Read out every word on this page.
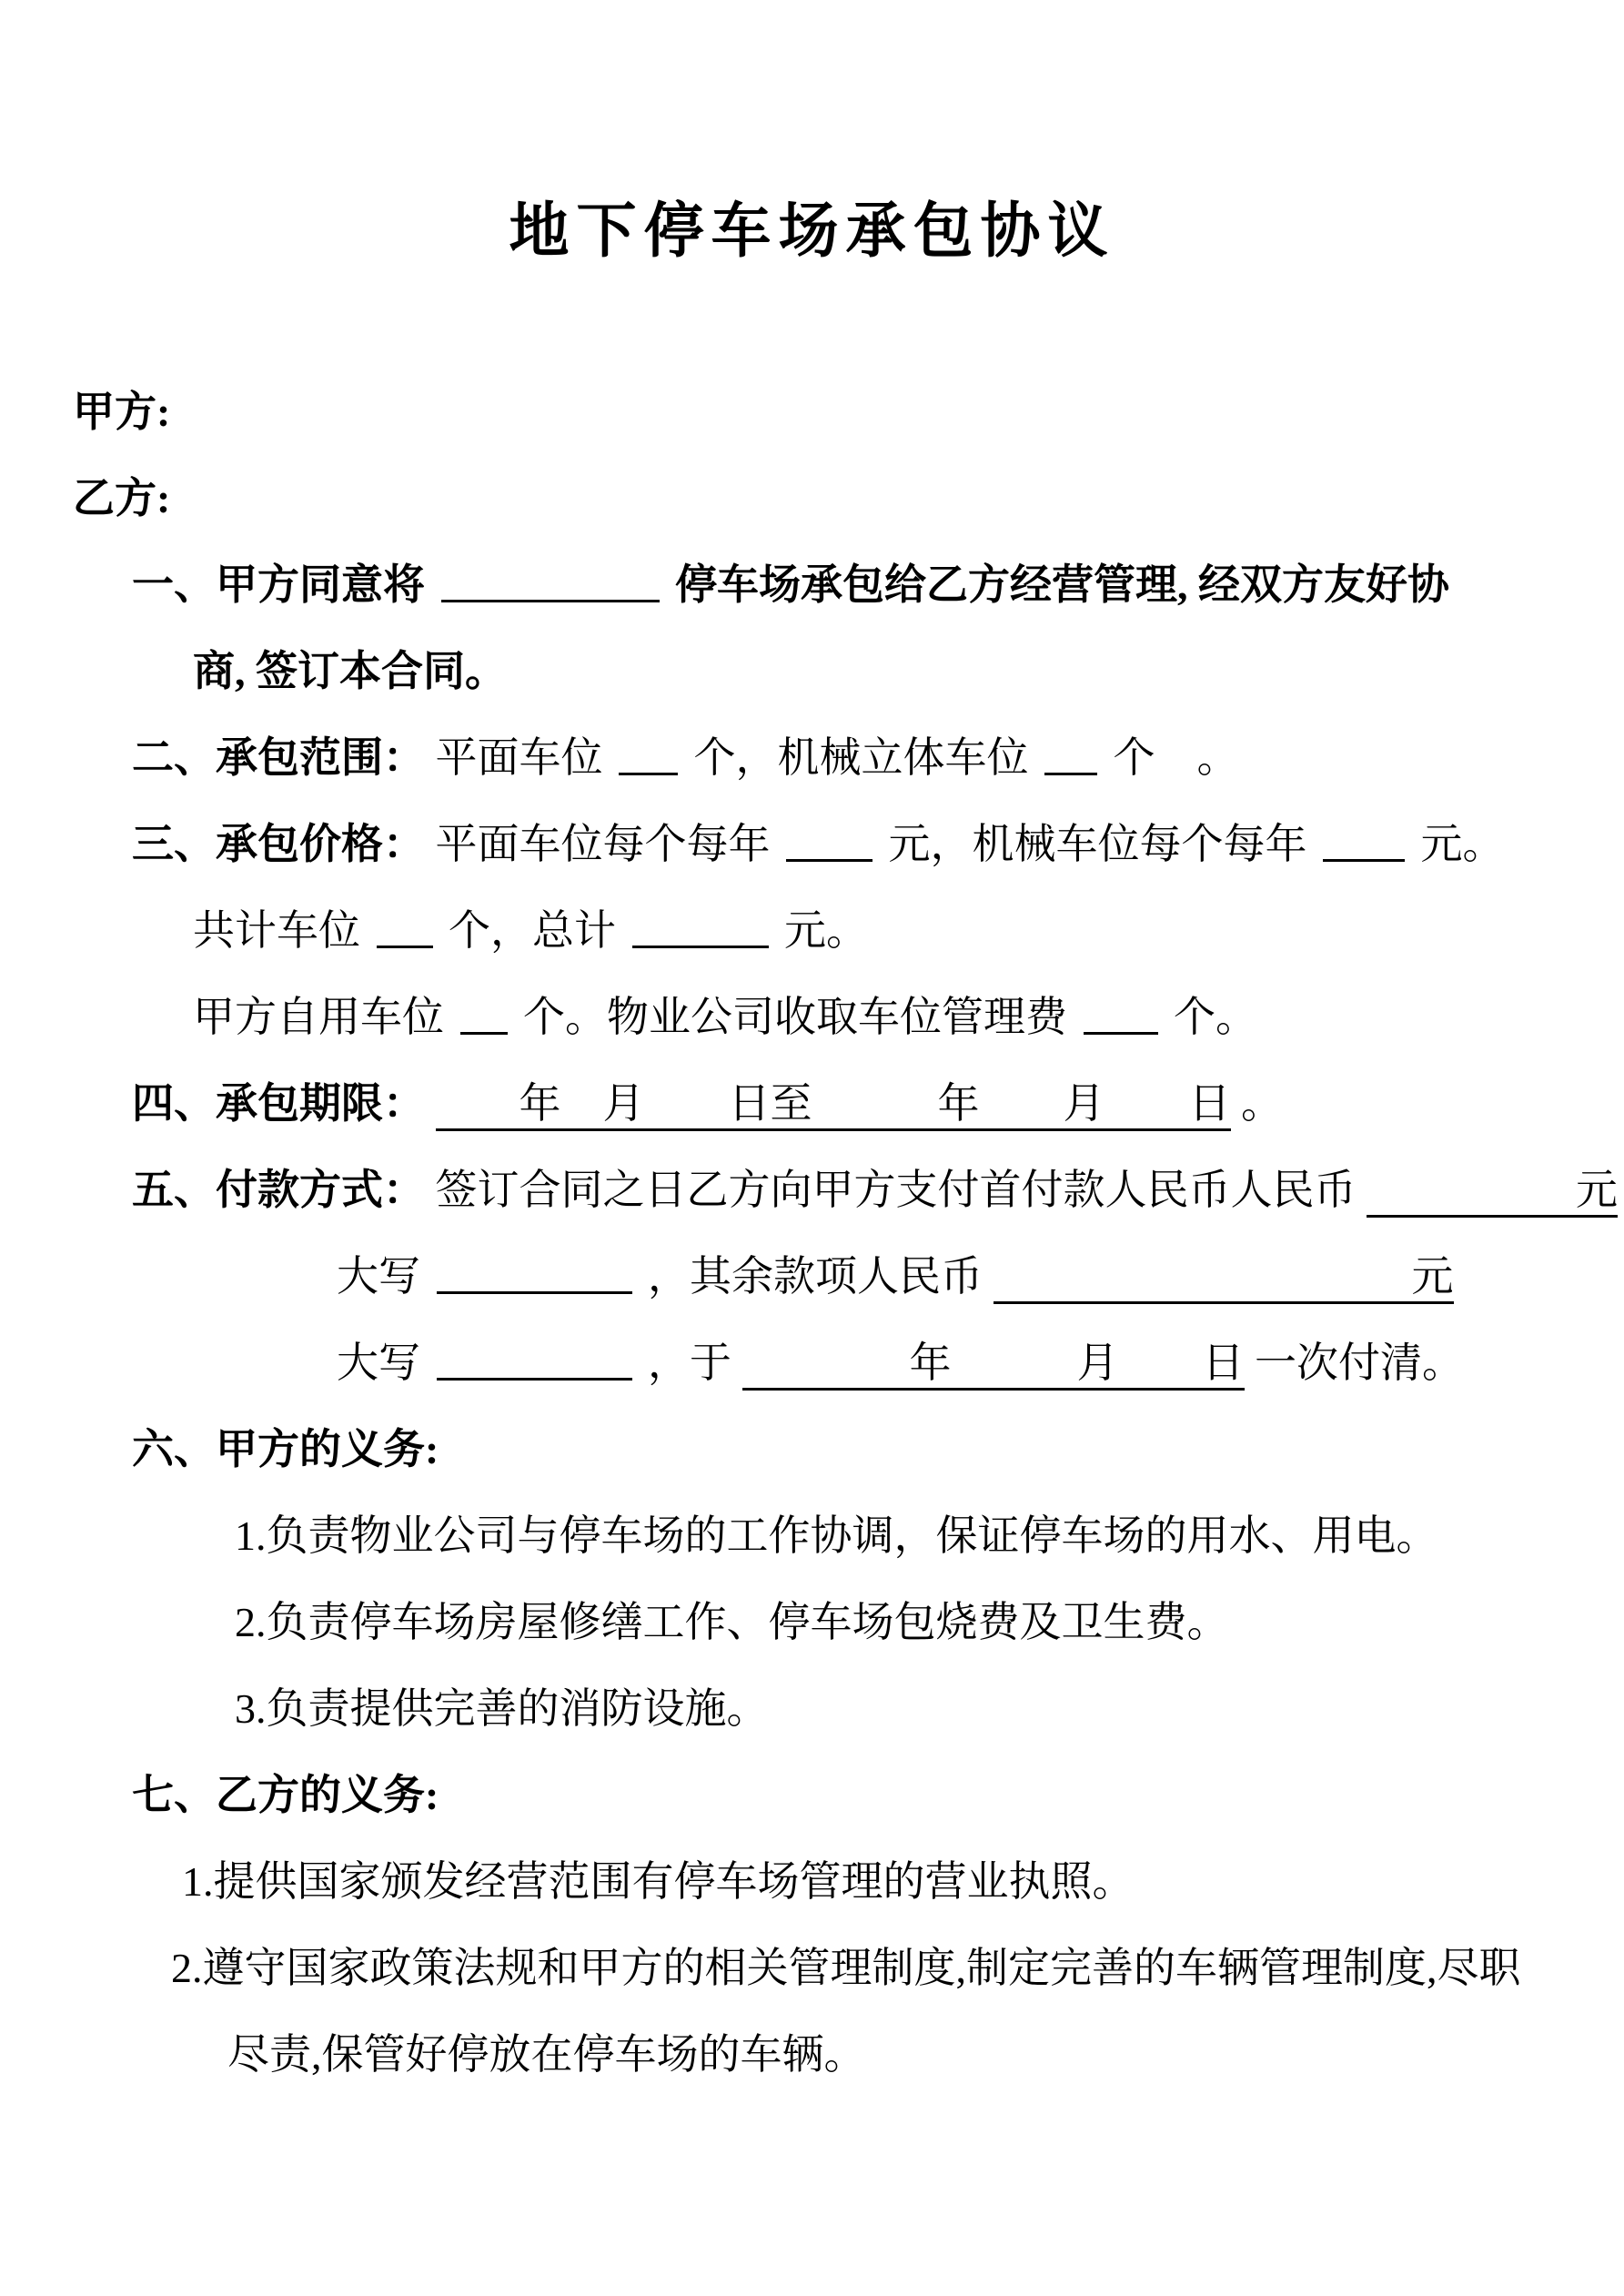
地下停车场承包协议
甲方:
乙方:
一、甲方同意将	停车场承包给乙方经营管理, 经双方友好协
商, 签订本合同。
二、承包范围： 平面车位 个，机械立体车位 个　。
三、承包价格： 平面车位每个每年	元，机械车位每个每年	元。
共计车位 个，总计	元。
甲方自用车位 个。物业公司收取车位管理费	个。
四、承包期限： 　　年　月　　日至　　　年　　月　　日 。
五、付款方式： 签订合同之日乙方向甲方支付首付款人民币人民币 　　　　　元
大写	，其余款项人民币 　　　　　　　　　　元
大写	，于 　　　　年　　　月　　日 一次付清。
六、甲方的义务:
1.负责物业公司与停车场的工作协调，保证停车场的用水、用电。
2.负责停车场房屋修缮工作、停车场包烧费及卫生费。
3.负责提供完善的消防设施。
七、乙方的义务:
1.提供国家颁发经营范围有停车场管理的营业执照。
2.遵守国家政策法规和甲方的相关管理制度,制定完善的车辆管理制度,尽职
尽责,保管好停放在停车场的车辆。
